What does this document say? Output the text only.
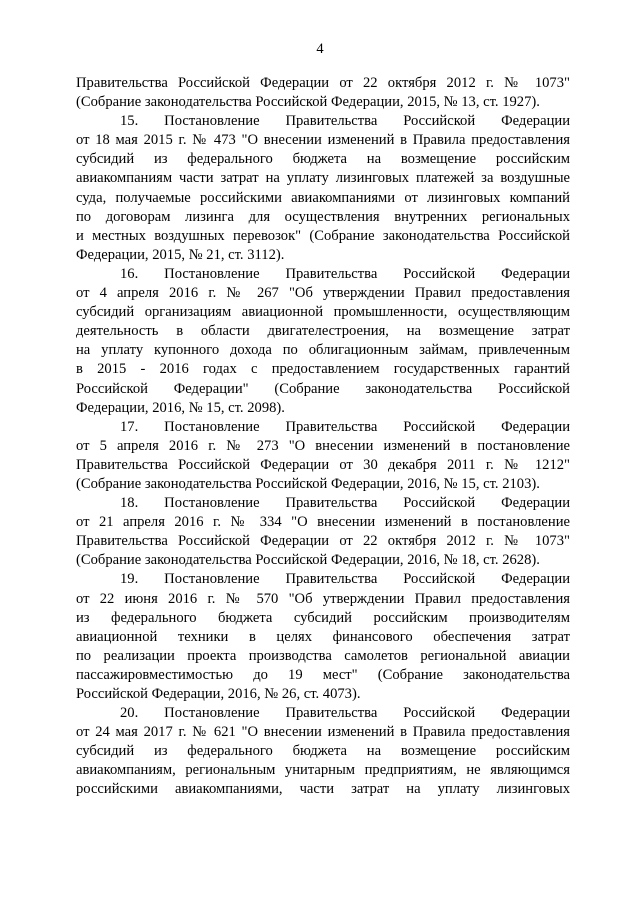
4
Правительства Российской Федерации от 22 октября 2012 г. № 1073"
(Собрание законодательства Российской Федерации, 2015, № 13, ст. 1927).
15. Постановление Правительства Российской Федерации
от 18 мая 2015 г. № 473 "О внесении изменений в Правила предоставления
субсидий из федерального бюджета на возмещение российским
авиакомпаниям части затрат на уплату лизинговых платежей за воздушные
суда, получаемые российскими авиакомпаниями от лизинговых компаний
по договорам лизинга для осуществления внутренних региональных
и местных воздушных перевозок" (Собрание законодательства Российской
Федерации, 2015, № 21, ст. 3112).
16. Постановление Правительства Российской Федерации
от 4 апреля 2016 г. № 267 "Об утверждении Правил предоставления
субсидий организациям авиационной промышленности, осуществляющим
деятельность в области двигателестроения, на возмещение затрат
на уплату купонного дохода по облигационным займам, привлеченным
в 2015 - 2016 годах с предоставлением государственных гарантий
Российской Федерации" (Собрание законодательства Российской
Федерации, 2016, № 15, ст. 2098).
17. Постановление Правительства Российской Федерации
от 5 апреля 2016 г. № 273 "О внесении изменений в постановление
Правительства Российской Федерации от 30 декабря 2011 г. № 1212"
(Собрание законодательства Российской Федерации, 2016, № 15, ст. 2103).
18. Постановление Правительства Российской Федерации
от 21 апреля 2016 г. № 334 "О внесении изменений в постановление
Правительства Российской Федерации от 22 октября 2012 г. № 1073"
(Собрание законодательства Российской Федерации, 2016, № 18, ст. 2628).
19. Постановление Правительства Российской Федерации
от 22 июня 2016 г. № 570 "Об утверждении Правил предоставления
из федерального бюджета субсидий российским производителям
авиационной техники в целях финансового обеспечения затрат
по реализации проекта производства самолетов региональной авиации
пассажировместимостью до 19 мест" (Собрание законодательства
Российской Федерации, 2016, № 26, ст. 4073).
20. Постановление Правительства Российской Федерации
от 24 мая 2017 г. № 621 "О внесении изменений в Правила предоставления
субсидий из федерального бюджета на возмещение российским
авиакомпаниям, региональным унитарным предприятиям, не являющимся
российскими авиакомпаниями, части затрат на уплату лизинговых
